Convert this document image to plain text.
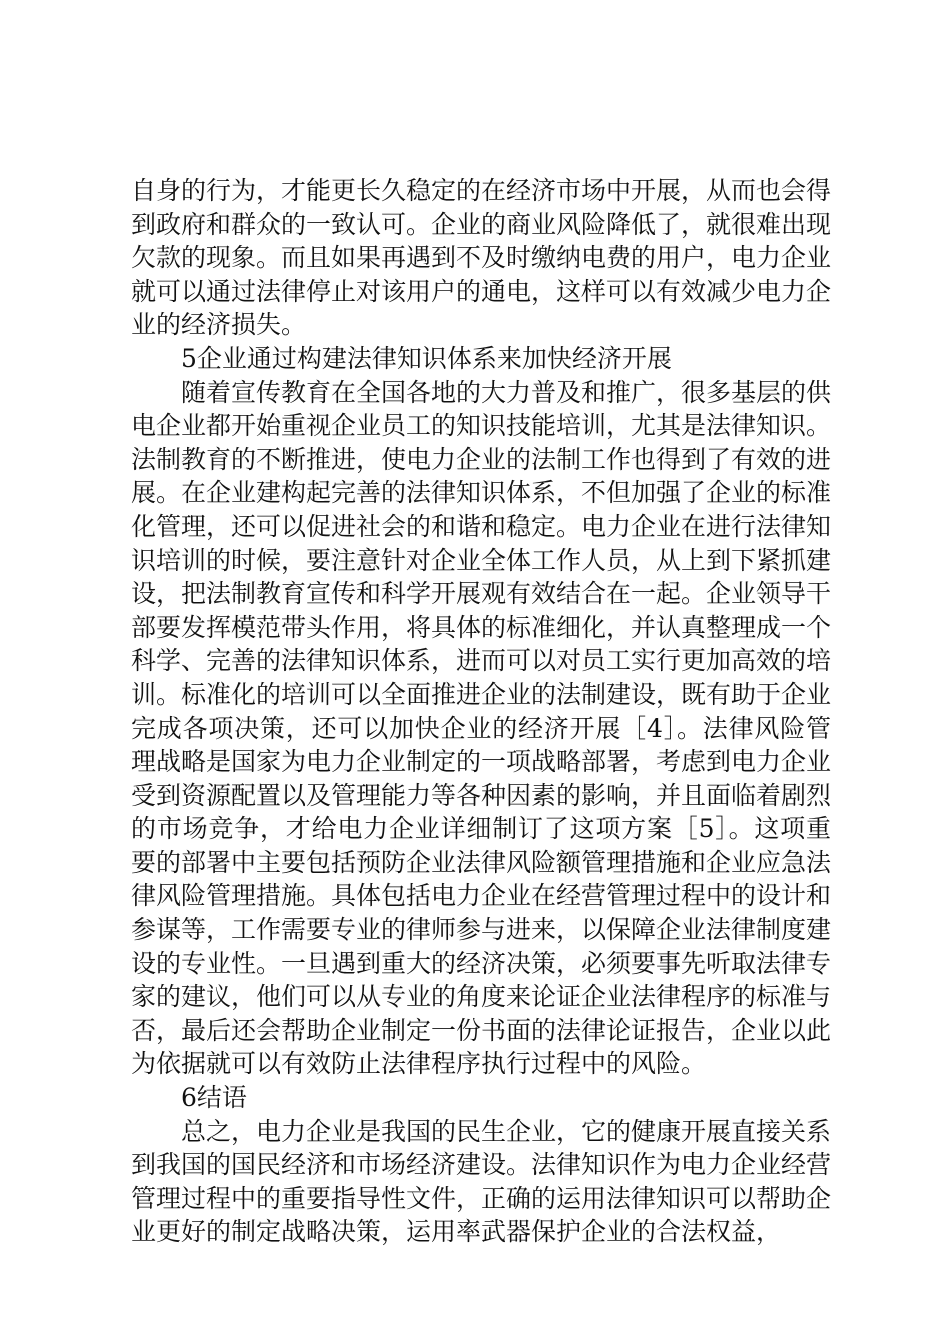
自身的行为，才能更长久稳定的在经济市场中开展，从而也会得到政府和群众的一致认可。企业的商业风险降低了，就很难出现欠款的现象。而且如果再遇到不及时缴纳电费的用户，电力企业就可以通过法律停止对该用户的通电，这样可以有效减少电力企业的经济损失。

5企业通过构建法律知识体系来加快经济开展

随着宣传教育在全国各地的大力普及和推广，很多基层的供电企业都开始重视企业员工的知识技能培训，尤其是法律知识。法制教育的不断推进，使电力企业的法制工作也得到了有效的进展。在企业建构起完善的法律知识体系，不但加强了企业的标准化管理，还可以促进社会的和谐和稳定。电力企业在进行法律知识培训的时候，要注意针对企业全体工作人员，从上到下紧抓建设，把法制教育宣传和科学开展观有效结合在一起。企业领导干部要发挥模范带头作用，将具体的标准细化，并认真整理成一个科学、完善的法律知识体系，进而可以对员工实行更加高效的培训。标准化的培训可以全面推进企业的法制建设，既有助于企业完成各项决策，还可以加快企业的经济开展［4］。法律风险管理战略是国家为电力企业制定的一项战略部署，考虑到电力企业受到资源配置以及管理能力等各种因素的影响，并且面临着剧烈的市场竞争，才给电力企业详细制订了这项方案［5］。这项重要的部署中主要包括预防企业法律风险额管理措施和企业应急法律风险管理措施。具体包括电力企业在经营管理过程中的设计和参谋等，工作需要专业的律师参与进来，以保障企业法律制度建设的专业性。一旦遇到重大的经济决策，必须要事先听取法律专家的建议，他们可以从专业的角度来论证企业法律程序的标准与否，最后还会帮助企业制定一份书面的法律论证报告，企业以此为依据就可以有效防止法律程序执行过程中的风险。

6结语

总之，电力企业是我国的民生企业，它的健康开展直接关系到我国的国民经济和市场经济建设。法律知识作为电力企业经营管理过程中的重要指导性文件，正确的运用法律知识可以帮助企业更好的制定战略决策，运用率武器保护企业的合法权益，
